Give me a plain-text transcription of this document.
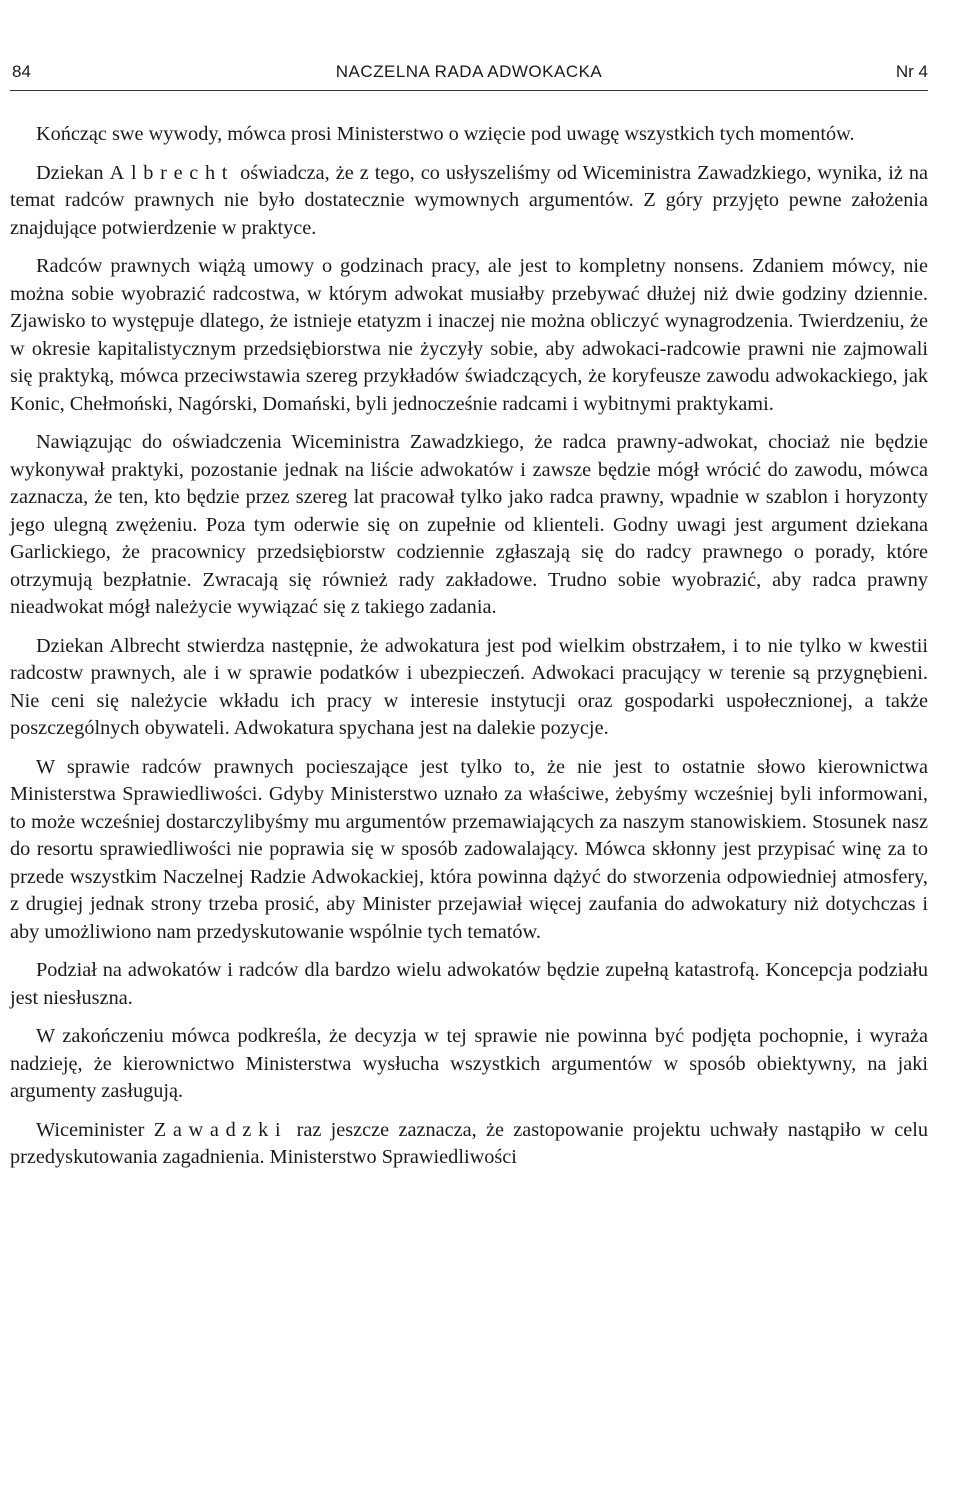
84	NACZELNA RADA ADWOKACKA	Nr 4

Kończąc swe wywody, mówca prosi Ministerstwo o wzięcie pod uwagę wszystkich tych momentów.

Dziekan Albrecht oświadcza, że z tego, co usłyszeliśmy od Wiceministra Zawadzkiego, wynika, iż na temat radców prawnych nie było dostatecznie wymownych argumentów. Z góry przyjęto pewne założenia znajdujące potwierdzenie w praktyce.

Radców prawnych wiążą umowy o godzinach pracy, ale jest to kompletny nonsens. Zdaniem mówcy, nie można sobie wyobrazić radcostwa, w którym adwokat musiałby przebywać dłużej niż dwie godziny dziennie. Zjawisko to występuje dlatego, że istnieje etatyzm i inaczej nie można obliczyć wynagrodzenia. Twierdzeniu, że w okresie kapitalistycznym przedsiębiorstwa nie życzyły sobie, aby adwokaci-radcowie prawni nie zajmowali się praktyką, mówca przeciwstawia szereg przykładów świadczących, że koryfeusze zawodu adwokackiego, jak Konic, Chełmoński, Nagórski, Domański, byli jednocześnie radcami i wybitnymi praktykami.

Nawiązując do oświadczenia Wiceministra Zawadzkiego, że radca prawny-adwokat, chociaż nie będzie wykonywał praktyki, pozostanie jednak na liście adwokatów i zawsze będzie mógł wrócić do zawodu, mówca zaznacza, że ten, kto będzie przez szereg lat pracował tylko jako radca prawny, wpadnie w szablon i horyzonty jego ulegną zwężeniu. Poza tym oderwie się on zupełnie od klienteli. Godny uwagi jest argument dziekana Garlickiego, że pracownicy przedsiębiorstw codziennie zgłaszają się do radcy prawnego o porady, które otrzymują bezpłatnie. Zwracają się również rady zakładowe. Trudno sobie wyobrazić, aby radca prawny nieadwokat mógł należycie wywiązać się z takiego zadania.

Dziekan Albrecht stwierdza następnie, że adwokatura jest pod wielkim obstrzałem, i to nie tylko w kwestii radcostw prawnych, ale i w sprawie podatków i ubezpieczeń. Adwokaci pracujący w terenie są przygnębieni. Nie ceni się należycie wkładu ich pracy w interesie instytucji oraz gospodarki uspołecznionej, a także poszczególnych obywateli. Adwokatura spychana jest na dalekie pozycje.

W sprawie radców prawnych pocieszające jest tylko to, że nie jest to ostatnie słowo kierownictwa Ministerstwa Sprawiedliwości. Gdyby Ministerstwo uznało za właściwe, żebyśmy wcześniej byli informowani, to może wcześniej dostarczylibyśmy mu argumentów przemawiających za naszym stanowiskiem. Stosunek nasz do resortu sprawiedliwości nie poprawia się w sposób zadowalający. Mówca skłonny jest przypisać winę za to przede wszystkim Naczelnej Radzie Adwokackiej, która powinna dążyć do stworzenia odpowiedniej atmosfery, z drugiej jednak strony trzeba prosić, aby Minister przejawiał więcej zaufania do adwokatury niż dotychczas i aby umożliwiono nam przedyskutowanie wspólnie tych tematów.

Podział na adwokatów i radców dla bardzo wielu adwokatów będzie zupełną katastrofą. Koncepcja podziału jest niesłuszna.

W zakończeniu mówca podkreśla, że decyzja w tej sprawie nie powinna być podjęta pochopnie, i wyraża nadzieję, że kierownictwo Ministerstwa wysłucha wszystkich argumentów w sposób obiektywny, na jaki argumenty zasługują.

Wiceminister Zawadzki raz jeszcze zaznacza, że zastopowanie projektu uchwały nastąpiło w celu przedyskutowania zagadnienia. Ministerstwo Sprawiedliwości
